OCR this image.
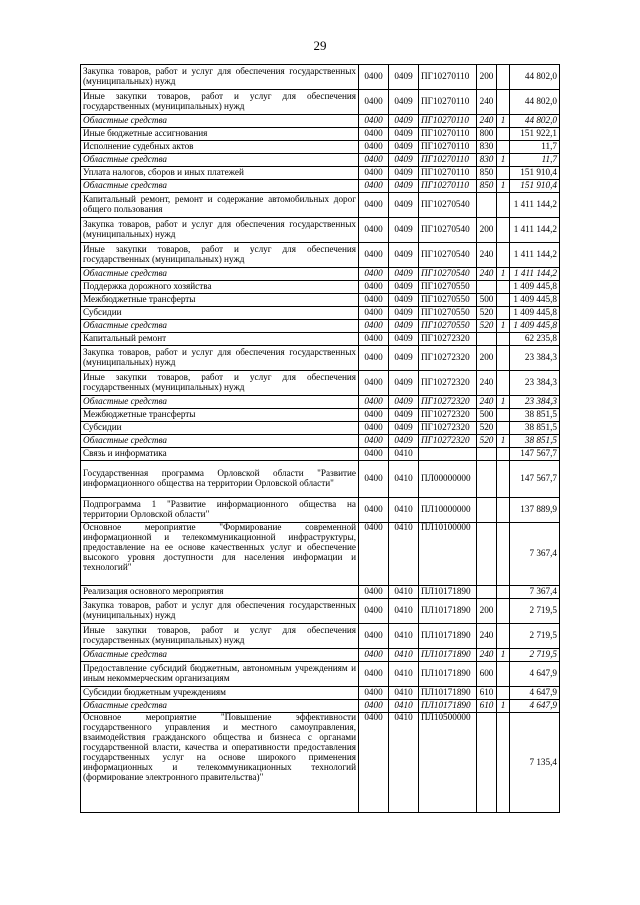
29
Закупка товаров, работ и услуг для обеспечения государственных (муниципальных) нужд	0400	0409	ПГ10270110	200		44 802,0
Иные закупки товаров, работ и услуг для обеспечения государственных (муниципальных) нужд	0400	0409	ПГ10270110	240		44 802,0
Областные средства	0400	0409	ПГ10270110	240	1	44 802,0
Иные бюджетные ассигнования	0400	0409	ПГ10270110	800		151 922,1
Исполнение судебных актов	0400	0409	ПГ10270110	830		11,7
Областные средства	0400	0409	ПГ10270110	830	1	11,7
Уплата налогов, сборов и иных платежей	0400	0409	ПГ10270110	850		151 910,4
Областные средства	0400	0409	ПГ10270110	850	1	151 910,4
Капитальный ремонт, ремонт и содержание автомобильных дорог общего пользования	0400	0409	ПГ10270540			1 411 144,2
Закупка товаров, работ и услуг для обеспечения государственных (муниципальных) нужд	0400	0409	ПГ10270540	200		1 411 144,2
Иные закупки товаров, работ и услуг для обеспечения государственных (муниципальных) нужд	0400	0409	ПГ10270540	240		1 411 144,2
Областные средства	0400	0409	ПГ10270540	240	1	1 411 144,2
Поддержка дорожного хозяйства	0400	0409	ПГ10270550			1 409 445,8
Межбюджетные трансферты	0400	0409	ПГ10270550	500		1 409 445,8
Субсидии	0400	0409	ПГ10270550	520		1 409 445,8
Областные средства	0400	0409	ПГ10270550	520	1	1 409 445,8
Капитальный ремонт	0400	0409	ПГ10272320			62 235,8
Закупка товаров, работ и услуг для обеспечения государственных (муниципальных) нужд	0400	0409	ПГ10272320	200		23 384,3
Иные закупки товаров, работ и услуг для обеспечения государственных (муниципальных) нужд	0400	0409	ПГ10272320	240		23 384,3
Областные средства	0400	0409	ПГ10272320	240	1	23 384,3
Межбюджетные трансферты	0400	0409	ПГ10272320	500		38 851,5
Субсидии	0400	0409	ПГ10272320	520		38 851,5
Областные средства	0400	0409	ПГ10272320	520	1	38 851,5
Связь и информатика	0400	0410				147 567,7
Государственная программа Орловской области "Развитие информационного общества на территории Орловской области"	0400	0410	ПЛ00000000			147 567,7
Подпрограмма 1 "Развитие информационного общества на территории Орловской области"	0400	0410	ПЛ10000000			137 889,9
Основное мероприятие "Формирование современной информационной и телекоммуникационной инфраструктуры, предоставление на ее основе качественных услуг и обеспечение высокого уровня доступности для населения информации и технологий"	0400	0410	ПЛ10100000			7 367,4
Реализация основного мероприятия	0400	0410	ПЛ10171890			7 367,4
Закупка товаров, работ и услуг для обеспечения государственных (муниципальных) нужд	0400	0410	ПЛ10171890	200		2 719,5
Иные закупки товаров, работ и услуг для обеспечения государственных (муниципальных) нужд	0400	0410	ПЛ10171890	240		2 719,5
Областные средства	0400	0410	ПЛ10171890	240	1	2 719,5
Предоставление субсидий бюджетным, автономным учреждениям и иным некоммерческим организациям	0400	0410	ПЛ10171890	600		4 647,9
Субсидии бюджетным учреждениям	0400	0410	ПЛ10171890	610		4 647,9
Областные средства	0400	0410	ПЛ10171890	610	1	4 647,9
Основное мероприятие "Повышение эффективности государственного управления и местного самоуправления, взаимодействия гражданского общества и бизнеса с органами государственной власти, качества и оперативности предоставления государственных услуг на основе широкого применения информационных и телекоммуникационных технологий (формирование электронного правительства)"	0400	0410	ПЛ10500000			7 135,4
